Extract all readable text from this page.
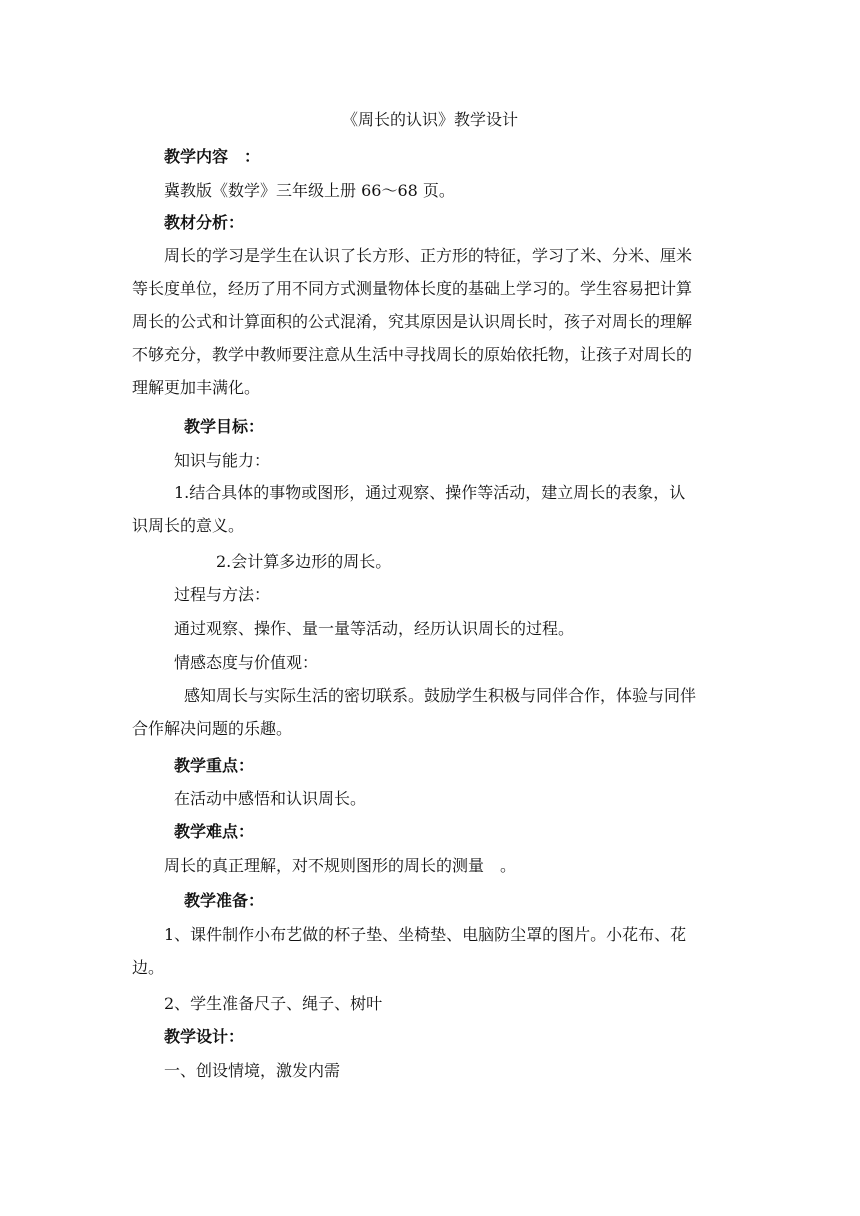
《周长的认识》教学设计
教学内容　：
冀教版《数学》三年级上册 66～68 页。
教材分析：
周长的学习是学生在认识了长方形、正方形的特征，学习了米、分米、厘米
等长度单位，经历了用不同方式测量物体长度的基础上学习的。学生容易把计算
周长的公式和计算面积的公式混淆，究其原因是认识周长时，孩子对周长的理解
不够充分，教学中教师要注意从生活中寻找周长的原始依托物，让孩子对周长的
理解更加丰满化。
教学目标：
知识与能力：
1.结合具体的事物或图形，通过观察、操作等活动，建立周长的表象，认
识周长的意义。
2.会计算多边形的周长。
过程与方法：
通过观察、操作、量一量等活动，经历认识周长的过程。
情感态度与价值观：
感知周长与实际生活的密切联系。鼓励学生积极与同伴合作，体验与同伴
合作解决问题的乐趣。
教学重点：
在活动中感悟和认识周长。
教学难点：
周长的真正理解，对不规则图形的周长的测量　。
教学准备：
1、课件制作小布艺做的杯子垫、坐椅垫、电脑防尘罩的图片。小花布、花
边。
2、学生准备尺子、绳子、树叶
教学设计：
一、创设情境，激发内需
